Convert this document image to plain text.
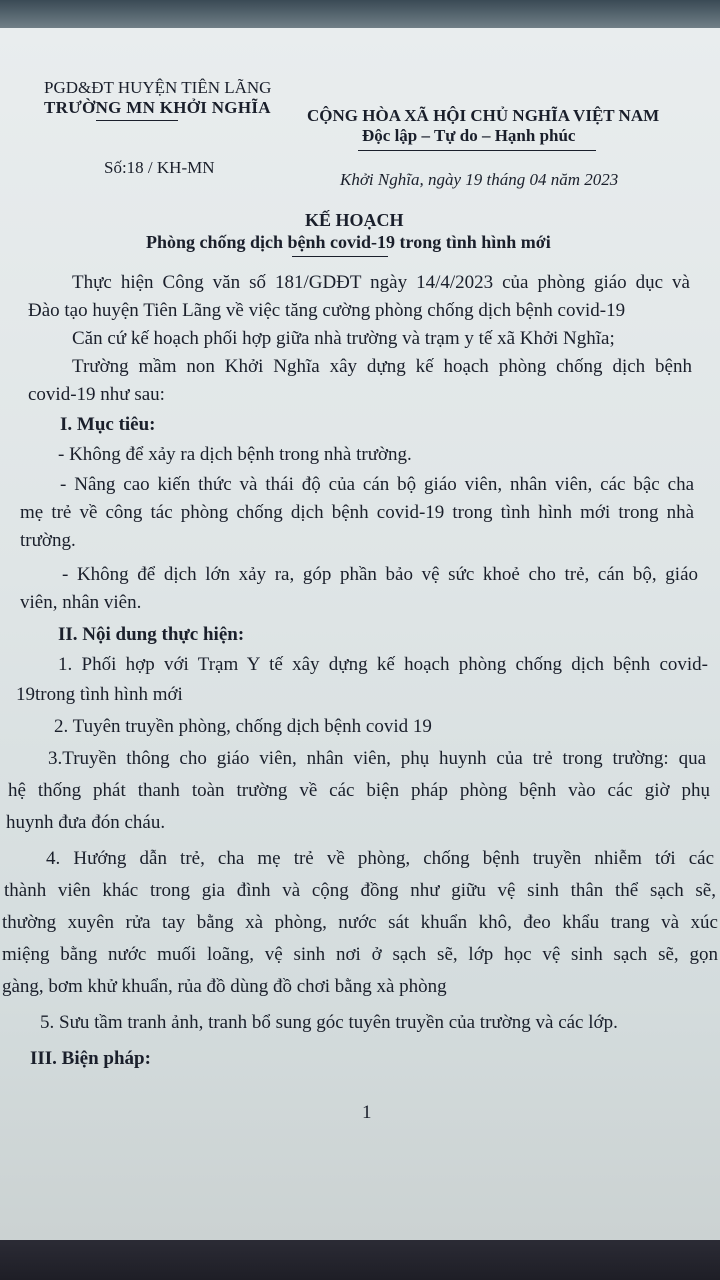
PGD&ĐT HUYỆN TIÊN LÃNG
TRƯỜNG MN KHỞI NGHĨA CỘNG HÒA XÃ HỘI CHỦ NGHĨA VIỆT NAM
Độc lập – Tự do – Hạnh phúc
Số:18 / KH-MN
Khởi Nghĩa, ngày 19 tháng 04 năm 2023
KẾ HOẠCH
Phòng chống dịch bệnh covid-19 trong tình hình mới
Thực hiện Công văn số 181/GDĐT ngày 14/4/2023 của phòng giáo dục và
Đào tạo huyện Tiên Lãng về việc tăng cường phòng chống dịch bệnh covid-19
Căn cứ kế hoạch phối hợp giữa nhà trường và trạm y tế xã Khởi Nghĩa;
Trường mầm non Khởi Nghĩa xây dựng kế hoạch phòng chống dịch bệnh
covid-19 như sau:
I. Mục tiêu:
- Không để xảy ra dịch bệnh trong nhà trường.
- Nâng cao kiến thức và thái độ của cán bộ giáo viên, nhân viên, các bậc cha
mẹ trẻ về công tác phòng chống dịch bệnh covid-19 trong tình hình mới trong nhà
trường.
- Không để dịch lớn xảy ra, góp phần bảo vệ sức khoẻ cho trẻ, cán bộ, giáo
viên, nhân viên.
II. Nội dung thực hiện:
1. Phối hợp với Trạm Y tế xây dựng kế hoạch phòng chống dịch bệnh covid-
19trong tình hình mới
2. Tuyên truyền phòng, chống dịch bệnh covid 19
3.Truyền thông cho giáo viên, nhân viên, phụ huynh của trẻ trong trường: qua
hệ thống phát thanh toàn trường về các biện pháp phòng bệnh vào các giờ phụ
huynh đưa đón cháu.
4. Hướng dẫn trẻ, cha mẹ trẻ về phòng, chống bệnh truyền nhiễm tới các
thành viên khác trong gia đình và cộng đồng như giữu vệ sinh thân thể sạch sẽ,
thường xuyên rửa tay bằng xà phòng, nước sát khuẩn khô, đeo khẩu trang và xúc
miệng bằng nước muối loãng, vệ sinh nơi ở sạch sẽ, lớp học vệ sinh sạch sẽ, gọn
gàng, bơm khử khuẩn, rủa đồ dùng đồ chơi bằng xà phòng
5. Sưu tầm tranh ảnh, tranh bổ sung góc tuyên truyền của trường và các lớp.
III. Biện pháp:
1
